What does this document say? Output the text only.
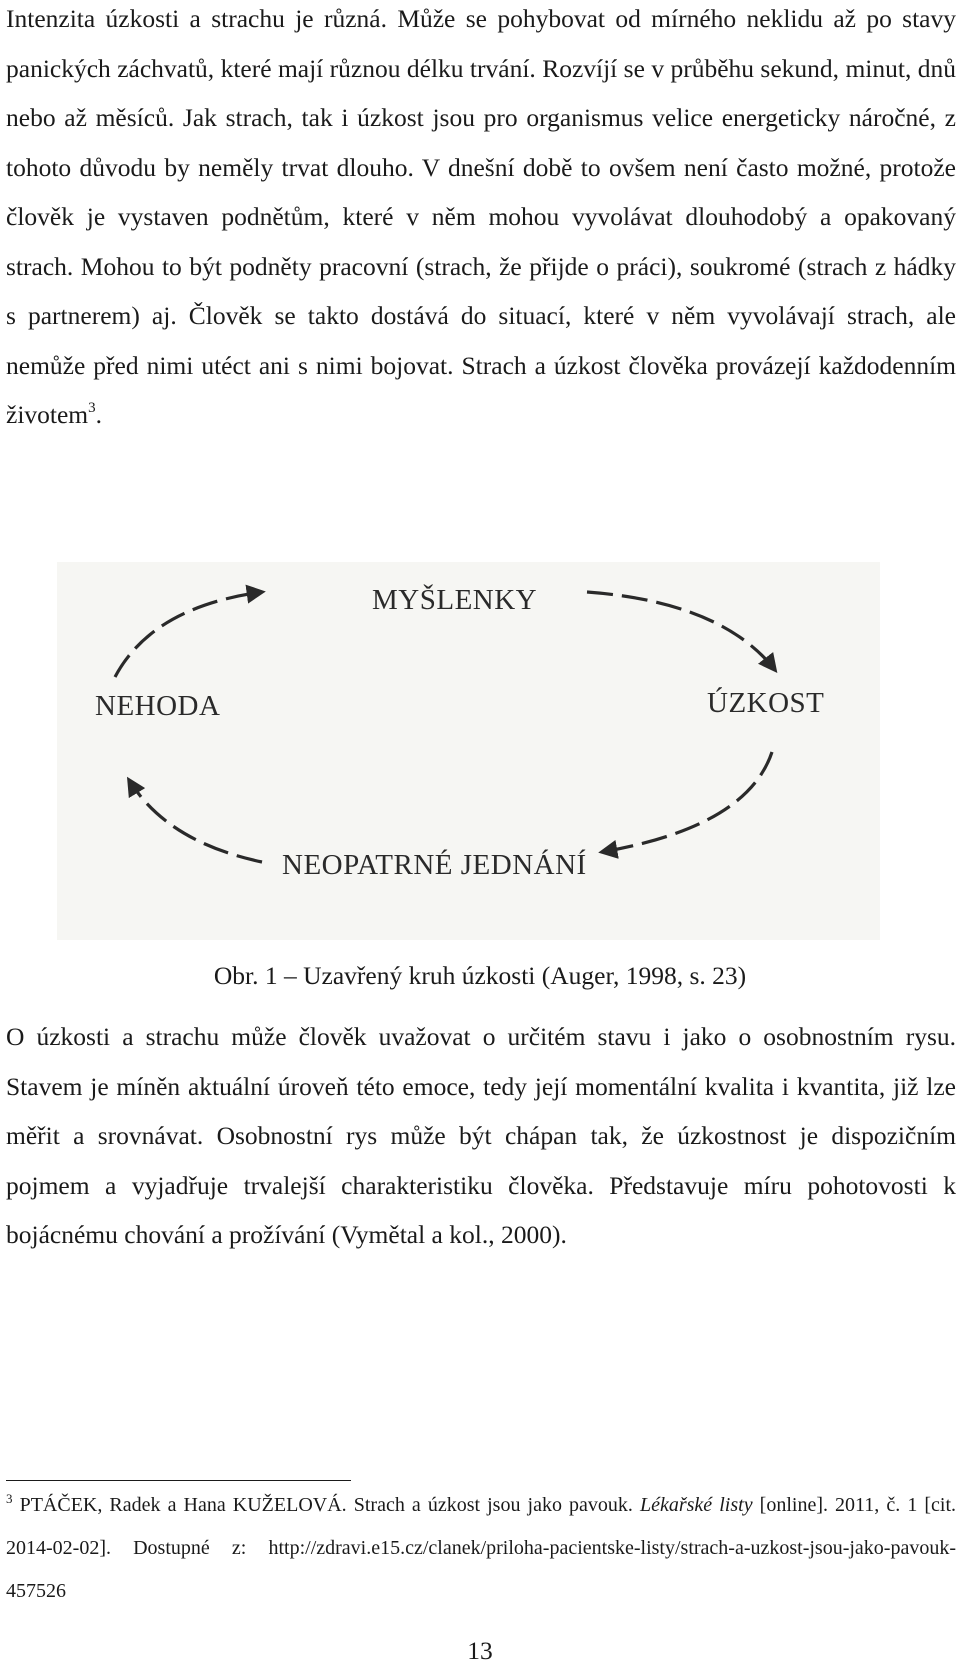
Intenzita úzkosti a strachu je různá. Může se pohybovat od mírného neklidu až po stavy panických záchvatů, které mají různou délku trvání. Rozvíjí se v průběhu sekund, minut, dnů nebo až měsíců. Jak strach, tak i úzkost jsou pro organismus velice energeticky náročné, z tohoto důvodu by neměly trvat dlouho. V dnešní době to ovšem není často možné, protože člověk je vystaven podnětům, které v něm mohou vyvolávat dlouhodobý a opakovaný strach. Mohou to být podněty pracovní (strach, že přijde o práci), soukromé (strach z hádky s partnerem) aj. Člověk se takto dostává do situací, které v něm vyvolávají strach, ale nemůže před nimi utéct ani s nimi bojovat. Strach a úzkost člověka provázejí každodenním životem$^3$.

MYŠLENKY
ÚZKOST
NEOPATRNÉ JEDNÁNÍ
NEHODA
Obr. 1 – Uzavřený kruh úzkosti (Auger, 1998, s. 23)

O úzkosti a strachu může člověk uvažovat o určitém stavu i jako o osobnostním rysu. Stavem je míněn aktuální úroveň této emoce, tedy její momentální kvalita i kvantita, již lze měřit a srovnávat. Osobnostní rys může být chápan tak, že úzkostnost je dispozičním pojmem a vyjadřuje trvalejší charakteristiku člověka. Představuje míru pohotovosti k bojácnému chování a prožívání (Vymětal a kol., 2000).

$^3$ PTÁČEK, Radek a Hana KUŽELOVÁ. Strach a úzkost jsou jako pavouk. Lékařské listy [online]. 2011, č. 1 [cit. 2014-02-02]. Dostupné z: http://zdravi.e15.cz/clanek/priloha-pacientske-listy/strach-a-uzkost-jsou-jako-pavouk-457526

13
